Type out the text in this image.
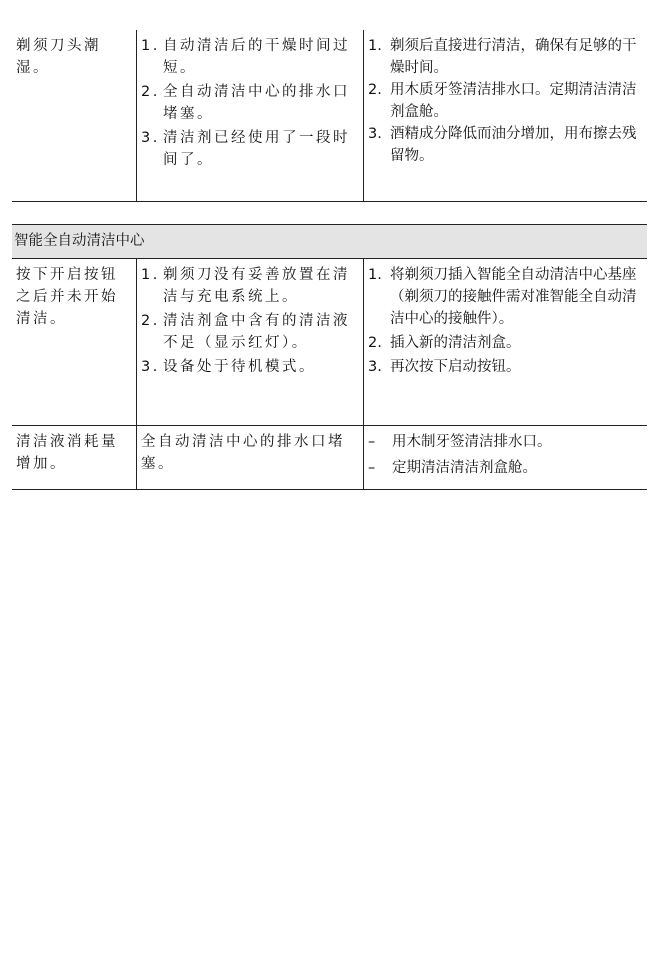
剃须刀头潮湿。
1. 自动清洁后的干燥时间过短。
2. 全自动清洁中心的排水口堵塞。
3. 清洁剂已经使用了一段时间了。
1. 剃须后直接进行清洁，确保有足够的干燥时间。
2. 用木质牙签清洁排水口。定期清洁清洁剂盒舱。
3. 酒精成分降低而油分增加，用布擦去残留物。
智能全自动清洁中心
按下开启按钮之后并未开始清洁。
1. 剃须刀没有妥善放置在清洁与充电系统上。
2. 清洁剂盒中含有的清洁液不足（显示红灯）。
3. 设备处于待机模式。
1. 将剃须刀插入智能全自动清洁中心基座（剃须刀的接触件需对准智能全自动清洁中心的接触件）。
2. 插入新的清洁剂盒。
3. 再次按下启动按钮。
清洁液消耗量增加。
全自动清洁中心的排水口堵塞。
– 用木制牙签清洁排水口。
– 定期清洁清洁剂盒舱。
